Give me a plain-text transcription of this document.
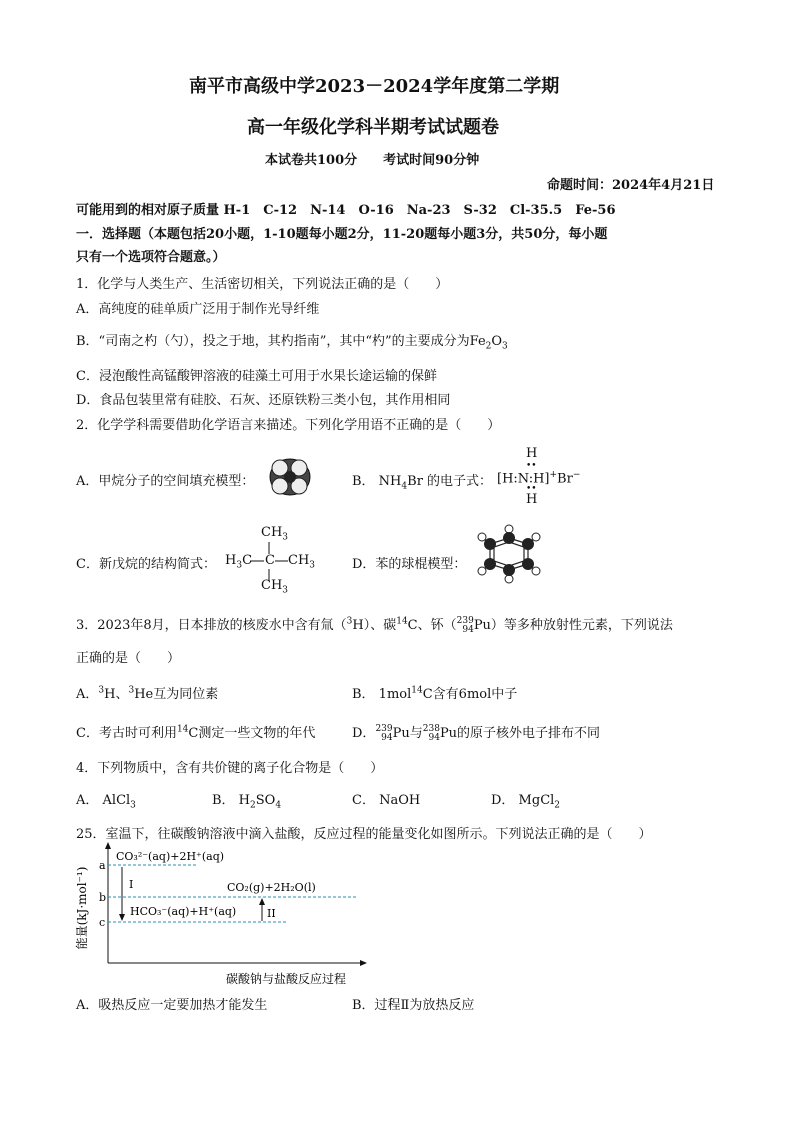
南平市高级中学2023－2024学年度第二学期
高一年级化学科半期考试试题卷
本试卷共100分　　考试时间90分钟
命题时间：2024年4月21日
可能用到的相对原子质量 H-1　C-12　N-14　O-16　Na-23　S-32　Cl-35.5　Fe-56
一．选择题（本题包括20小题，1-10题每小题2分，11-20题每小题3分，共50分，每小题
只有一个选项符合题意。）
1．化学与人类生产、生活密切相关，下列说法正确的是（　　）
A．高纯度的硅单质广泛用于制作光导纤维
B．“司南之杓（勺），投之于地，其杓指南”，其中“杓”的主要成分为$Fe_2O_3$
C．浸泡酸性高锰酸钾溶液的硅藻土可用于水果长途运输的保鲜
D．食品包装里常有硅胶、石灰、还原铁粉三类小包，其作用相同
2．化学学科需要借助化学语言来描述。下列化学用语不正确的是（　　）
A．甲烷分子的空间填充模型：	B． $NH_4Br$ 的电子式： [H:N:H]+Br−
H
••
••
H
C．新戊烷的结构简式：
$CH_3$
$H_3C$ C $CH_3$
$CH_3$
D．苯的球棍模型：
3．2023年8月，日本排放的核废水中含有氚（$^3$H）、碳$^{14}$C、钚（239
94Pu）等多种放射性元素，下列说法
正确的是（　　）
A．$^3$H、$^3$He互为同位素	B． 1mol$^{14}$C含有6mol中子
C．考古时可利用$^{14}$C测定一些文物的年代	D．239
94Pu与238
94Pu的原子核外电子排布不同
4．下列物质中，含有共价键的离子化合物是（　　）
A． AlCl$_3$	B． $H_2SO_4$	C． NaOH	D． MgCl$_2$
25．室温下，往碳酸钠溶液中滴入盐酸，反应过程的能量变化如图所示。下列说法正确的是（　　）
能量(kJ·mol⁻¹)
a
b
c
CO₃²⁻(aq)+2H⁺(aq)
CO₂(g)+2H₂O(l)
HCO₃⁻(aq)+H⁺(aq)
I
II
碳酸钠与盐酸反应过程
A．吸热反应一定要加热才能发生	B．过程Ⅱ为放热反应
